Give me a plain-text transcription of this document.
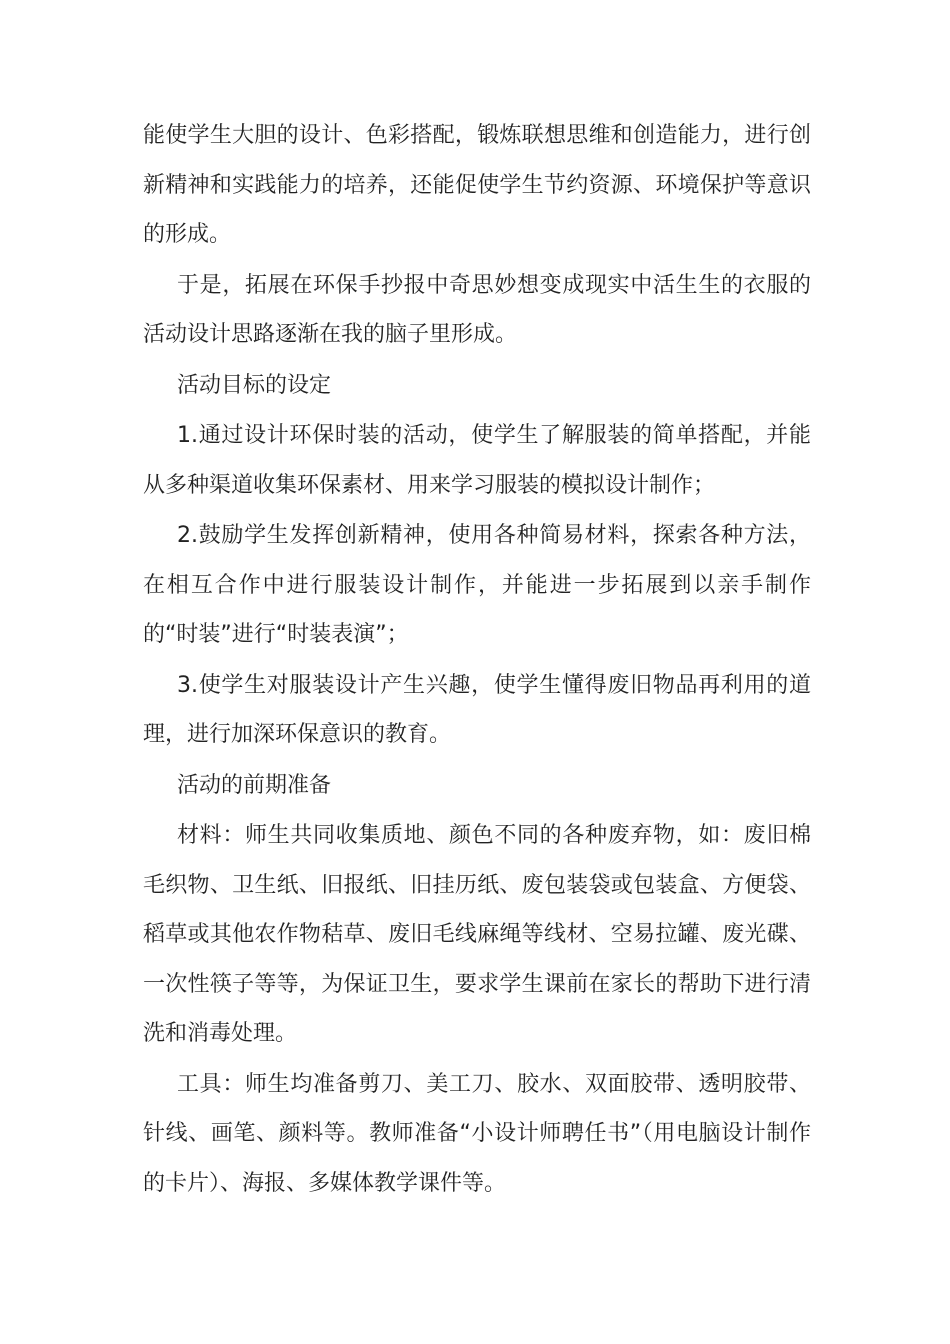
能使学生大胆的设计、色彩搭配，锻炼联想思维和创造能力，进行创新精神和实践能力的培养，还能促使学生节约资源、环境保护等意识的形成。

于是，拓展在环保手抄报中奇思妙想变成现实中活生生的衣服的活动设计思路逐渐在我的脑子里形成。

活动目标的设定

1.通过设计环保时装的活动，使学生了解服装的简单搭配，并能从多种渠道收集环保素材、用来学习服装的模拟设计制作；

2.鼓励学生发挥创新精神，使用各种简易材料，探索各种方法，在相互合作中进行服装设计制作，并能进一步拓展到以亲手制作的“时装”进行“时装表演”；

3.使学生对服装设计产生兴趣，使学生懂得废旧物品再利用的道理，进行加深环保意识的教育。

活动的前期准备

材料：师生共同收集质地、颜色不同的各种废弃物，如：废旧棉毛织物、卫生纸、旧报纸、旧挂历纸、废包装袋或包装盒、方便袋、稻草或其他农作物秸草、废旧毛线麻绳等线材、空易拉罐、废光碟、一次性筷子等等，为保证卫生，要求学生课前在家长的帮助下进行清洗和消毒处理。

工具：师生均准备剪刀、美工刀、胶水、双面胶带、透明胶带、针线、画笔、颜料等。教师准备“小设计师聘任书”（用电脑设计制作的卡片）、海报、多媒体教学课件等。
